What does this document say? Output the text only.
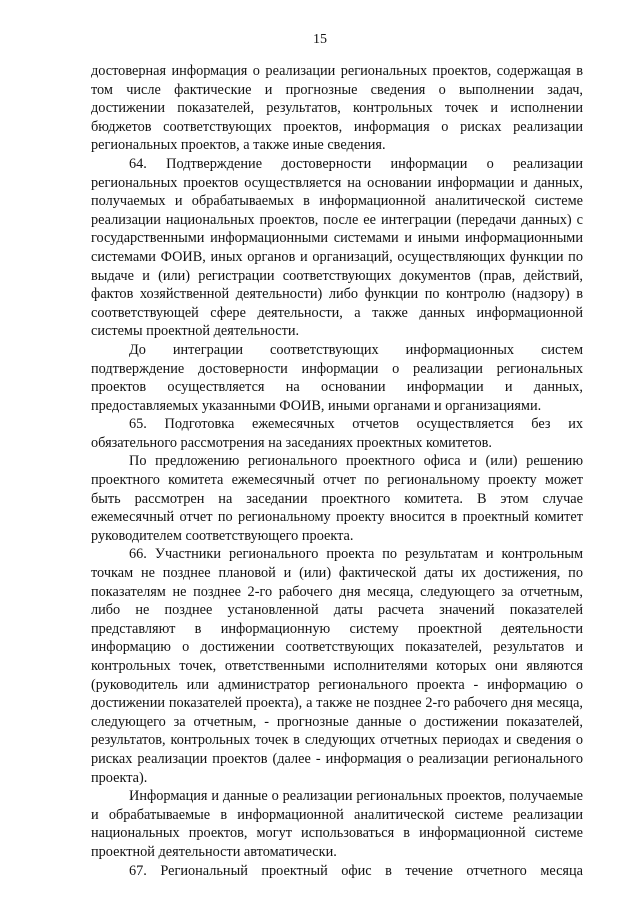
15

достоверная информация о реализации региональных проектов, содержащая в том числе фактические и прогнозные сведения о выполнении задач, достижении показателей, результатов, контрольных точек и исполнении бюджетов соответствующих проектов, информация о рисках реализации региональных проектов, а также иные сведения.

64. Подтверждение достоверности информации о реализации региональных проектов осуществляется на основании информации и данных, получаемых и обрабатываемых в информационной аналитической системе реализации национальных проектов, после ее интеграции (передачи данных) с государственными информационными системами и иными информационными системами ФОИВ, иных органов и организаций, осуществляющих функции по выдаче и (или) регистрации соответствующих документов (прав, действий, фактов хозяйственной деятельности) либо функции по контролю (надзору) в соответствующей сфере деятельности, а также данных информационной системы проектной деятельности.

До интеграции соответствующих информационных систем подтверждение достоверности информации о реализации региональных проектов осуществляется на основании информации и данных, предоставляемых указанными ФОИВ, иными органами и организациями.

65. Подготовка ежемесячных отчетов осуществляется без их обязательного рассмотрения на заседаниях проектных комитетов.

По предложению регионального проектного офиса и (или) решению проектного комитета ежемесячный отчет по региональному проекту может быть рассмотрен на заседании проектного комитета. В этом случае ежемесячный отчет по региональному проекту вносится в проектный комитет руководителем соответствующего проекта.

66. Участники регионального проекта по результатам и контрольным точкам не позднее плановой и (или) фактической даты их достижения, по показателям не позднее 2-го рабочего дня месяца, следующего за отчетным, либо не позднее установленной даты расчета значений показателей представляют в информационную систему проектной деятельности информацию о достижении соответствующих показателей, результатов и контрольных точек, ответственными исполнителями которых они являются (руководитель или администратор регионального проекта - информацию о достижении показателей проекта), а также не позднее 2-го рабочего дня месяца, следующего за отчетным, - прогнозные данные о достижении показателей, результатов, контрольных точек в следующих отчетных периодах и сведения о рисках реализации проектов (далее - информация о реализации регионального проекта).

Информация и данные о реализации региональных проектов, получаемые и обрабатываемые в информационной аналитической системе реализации национальных проектов, могут использоваться в информационной системе проектной деятельности автоматически.

67. Региональный проектный офис в течение отчетного месяца
